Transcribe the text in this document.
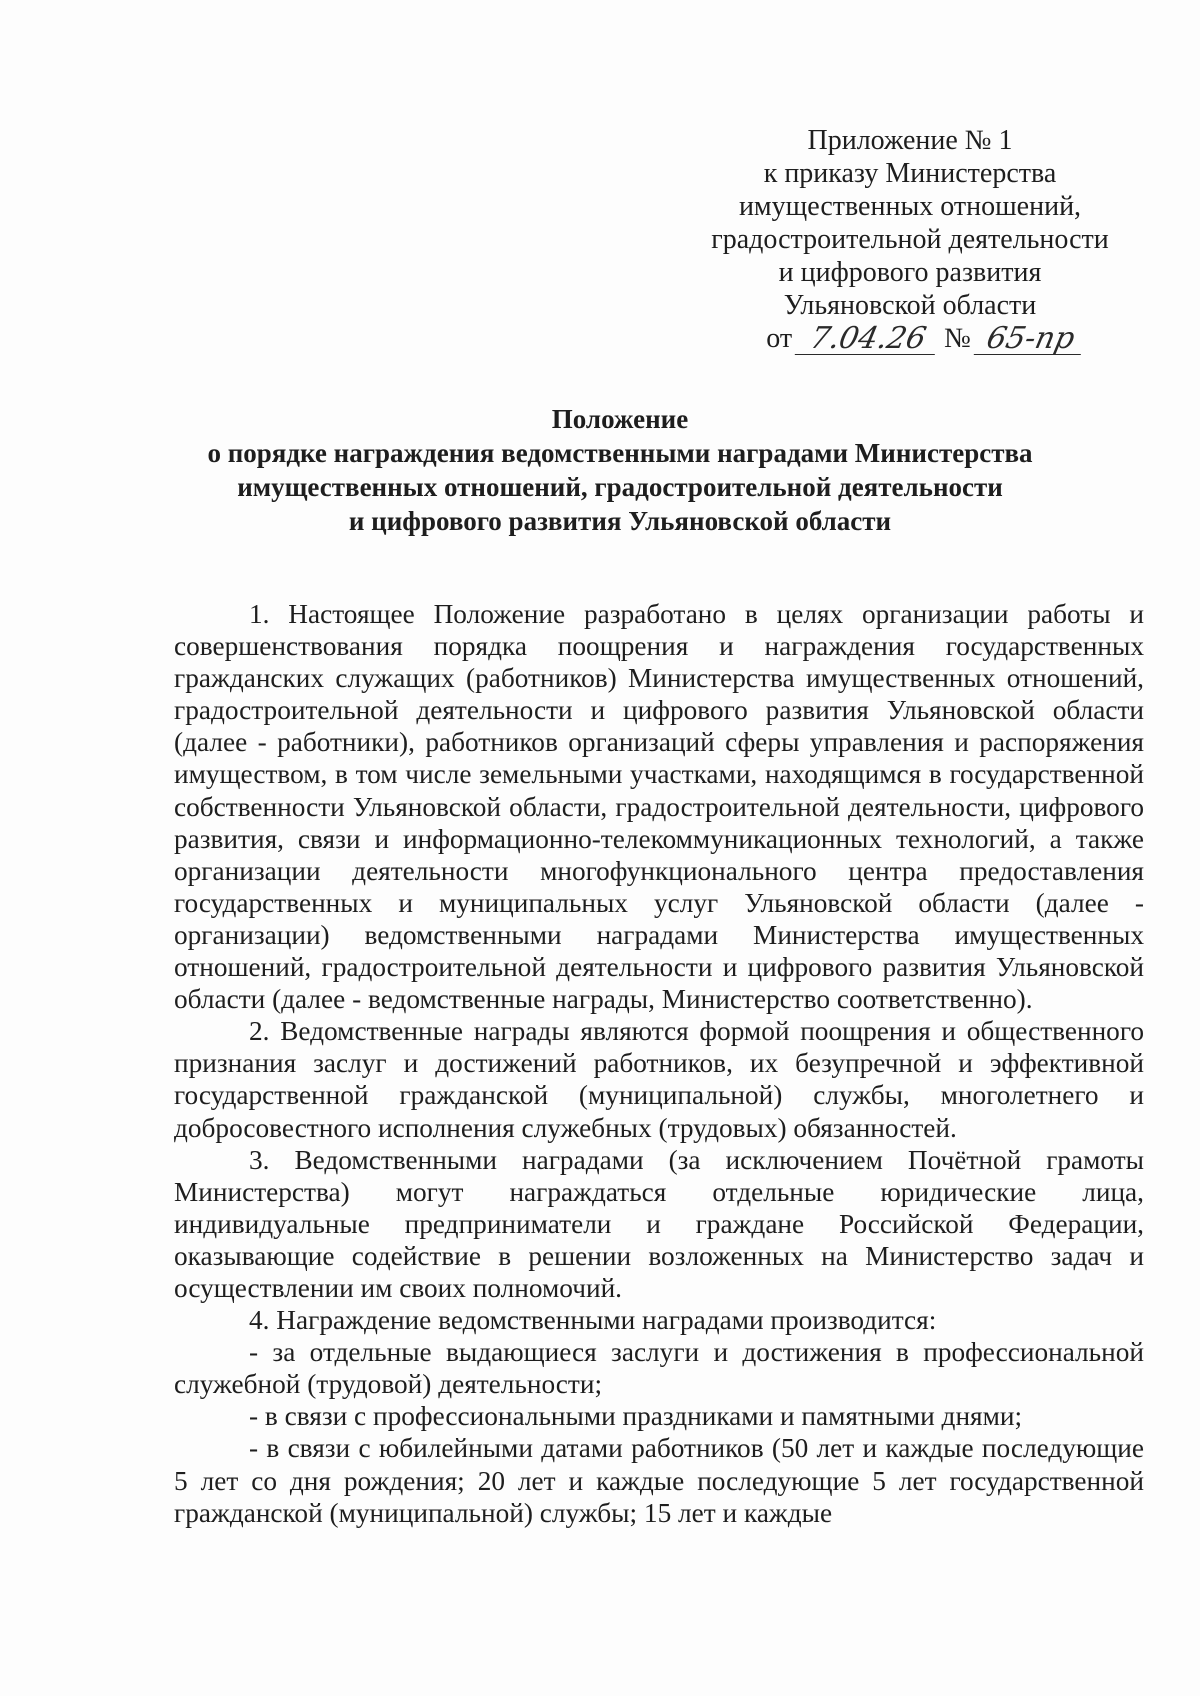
Приложение № 1
к приказу Министерства
имущественных отношений,
градостроительной деятельности
и цифрового развития
Ульяновской области
от 7.04.26 № 65-пр
Положение
о порядке награждения ведомственными наградами Министерства
имущественных отношений, градостроительной деятельности
и цифрового развития Ульяновской области

1. Настоящее Положение разработано в целях организации работы и совершенствования порядка поощрения и награждения государственных гражданских служащих (работников) Министерства имущественных отношений, градостроительной деятельности и цифрового развития Ульяновской области (далее - работники), работников организаций сферы управления и распоряжения имуществом, в том числе земельными участками, находящимся в государственной собственности Ульяновской области, градостроительной деятельности, цифрового развития, связи и информационно-телекоммуникационных технологий, а также организации деятельности многофункционального центра предоставления государственных и муниципальных услуг Ульяновской области (далее - организации) ведомственными наградами Министерства имущественных отношений, градостроительной деятельности и цифрового развития Ульяновской области (далее - ведомственные награды, Министерство соответственно).

2. Ведомственные награды являются формой поощрения и общественного признания заслуг и достижений работников, их безупречной и эффективной государственной гражданской (муниципальной) службы, многолетнего и добросовестного исполнения служебных (трудовых) обязанностей.

3. Ведомственными наградами (за исключением Почётной грамоты Министерства) могут награждаться отдельные юридические лица, индивидуальные предприниматели и граждане Российской Федерации, оказывающие содействие в решении возложенных на Министерство задач и осуществлении им своих полномочий.

4. Награждение ведомственными наградами производится:

- за отдельные выдающиеся заслуги и достижения в профессиональной служебной (трудовой) деятельности;

- в связи с профессиональными праздниками и памятными днями;

- в связи с юбилейными датами работников (50 лет и каждые последующие 5 лет со дня рождения; 20 лет и каждые последующие 5 лет государственной гражданской (муниципальной) службы; 15 лет и каждые
